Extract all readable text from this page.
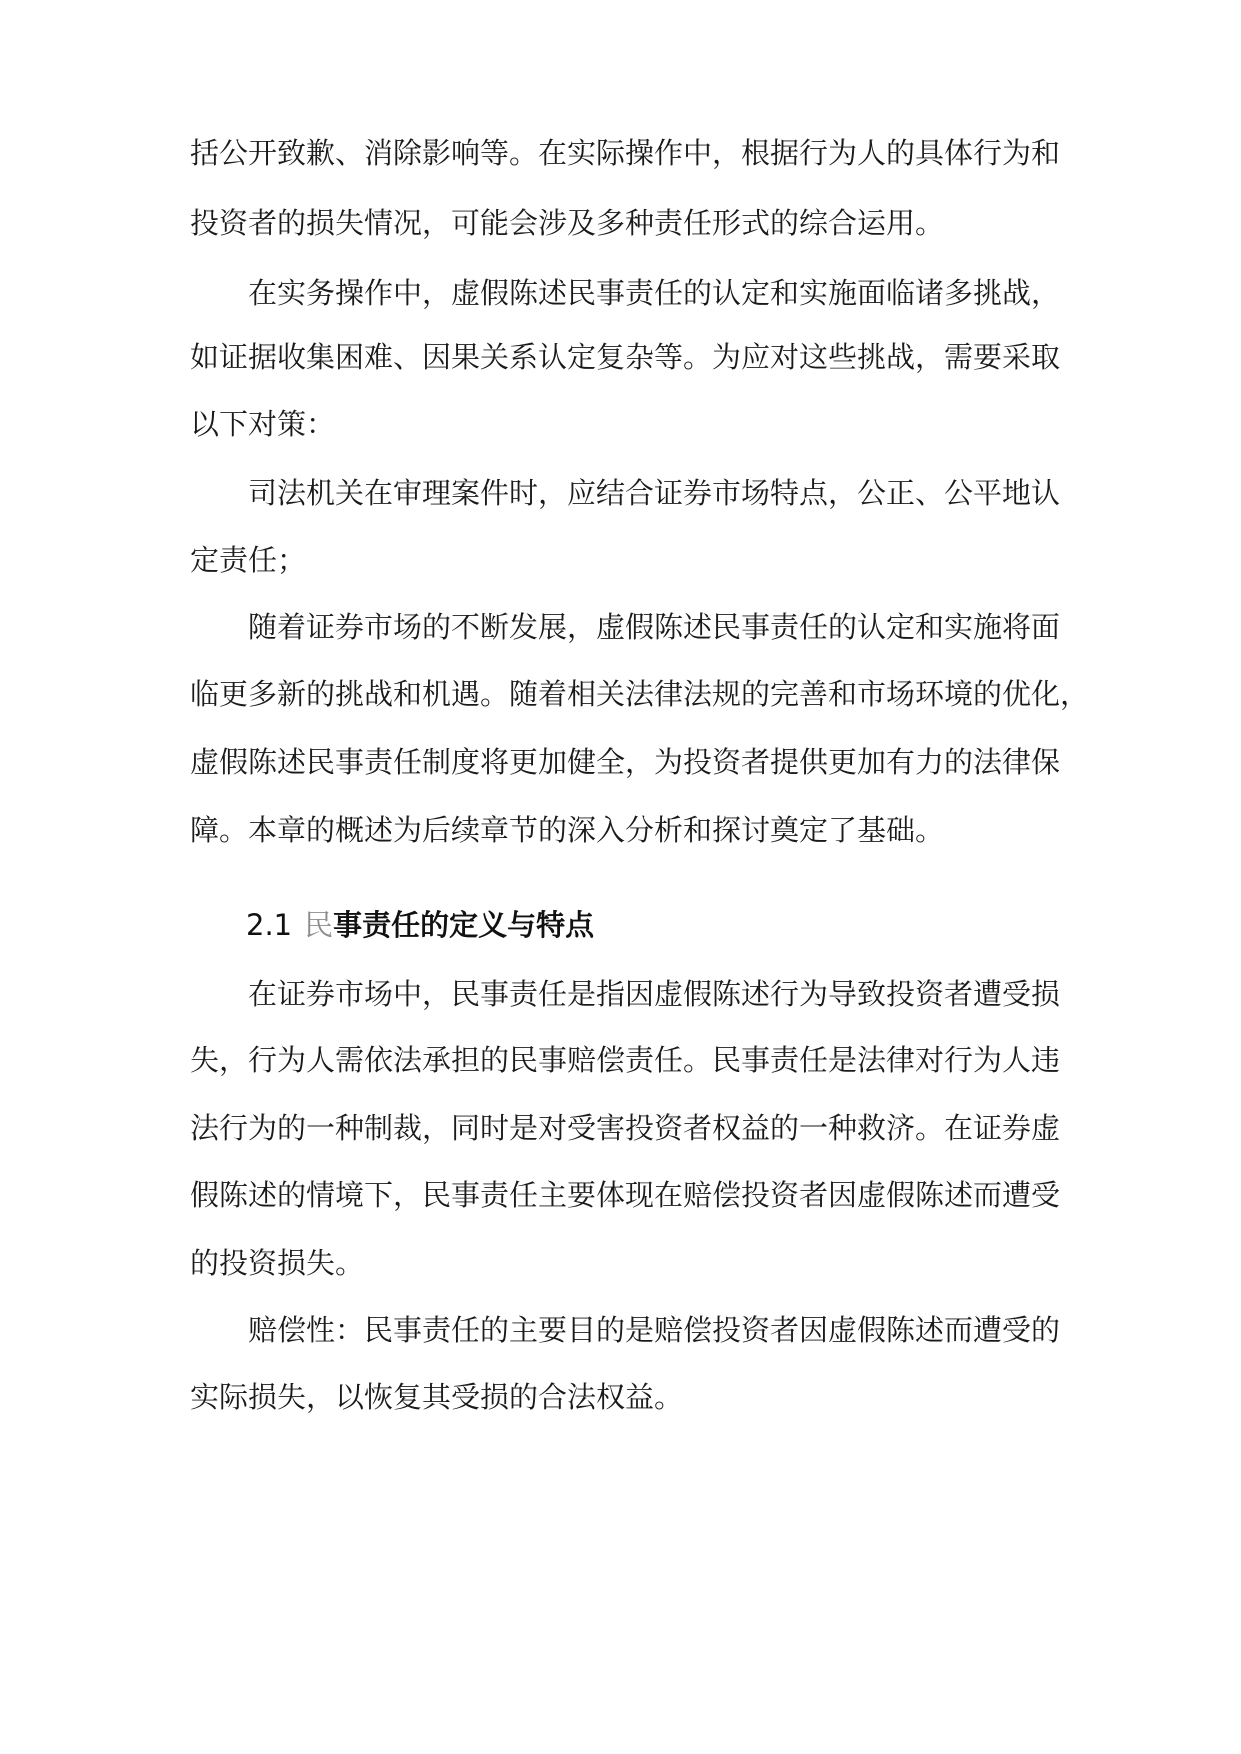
括公开致歉、消除影响等。在实际操作中，根据行为人的具体行为和
投资者的损失情况，可能会涉及多种责任形式的综合运用。
在实务操作中，虚假陈述民事责任的认定和实施面临诸多挑战，
如证据收集困难、因果关系认定复杂等。为应对这些挑战，需要采取
以下对策：
司法机关在审理案件时，应结合证券市场特点，公正、公平地认
定责任；
随着证券市场的不断发展，虚假陈述民事责任的认定和实施将面
临更多新的挑战和机遇。随着相关法律法规的完善和市场环境的优化，
虚假陈述民事责任制度将更加健全，为投资者提供更加有力的法律保
障。本章的概述为后续章节的深入分析和探讨奠定了基础。
2.1 民事责任的定义与特点
在证券市场中，民事责任是指因虚假陈述行为导致投资者遭受损
失，行为人需依法承担的民事赔偿责任。民事责任是法律对行为人违
法行为的一种制裁，同时是对受害投资者权益的一种救济。在证券虚
假陈述的情境下，民事责任主要体现在赔偿投资者因虚假陈述而遭受
的投资损失。
赔偿性：民事责任的主要目的是赔偿投资者因虚假陈述而遭受的
实际损失，以恢复其受损的合法权益。
